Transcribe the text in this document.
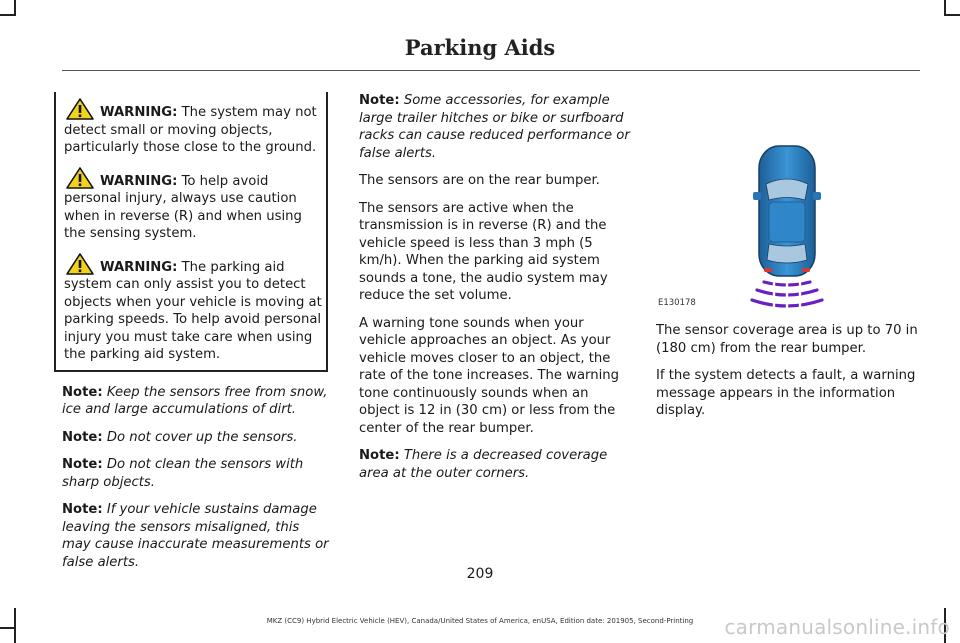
Parking Aids

WARNING: The system may not detect small or moving objects, particularly those close to the ground.

WARNING: To help avoid personal injury, always use caution when in reverse (R) and when using the sensing system.

WARNING: The parking aid system can only assist you to detect objects when your vehicle is moving at parking speeds. To help avoid personal injury you must take care when using the parking aid system.

Note: Keep the sensors free from snow, ice and large accumulations of dirt.

Note: Do not cover up the sensors.

Note: Do not clean the sensors with sharp objects.

Note: If your vehicle sustains damage leaving the sensors misaligned, this may cause inaccurate measurements or false alerts.

Note: Some accessories, for example large trailer hitches or bike or surfboard racks can cause reduced performance or false alerts.

The sensors are on the rear bumper.

The sensors are active when the transmission is in reverse (R) and the vehicle speed is less than 3 mph (5 km/h). When the parking aid system sounds a tone, the audio system may reduce the set volume.

A warning tone sounds when your vehicle approaches an object. As your vehicle moves closer to an object, the rate of the tone increases. The warning tone continuously sounds when an object is 12 in (30 cm) or less from the center of the rear bumper.

Note: There is a decreased coverage area at the outer corners.

E130178

The sensor coverage area is up to 70 in (180 cm) from the rear bumper.

If the system detects a fault, a warning message appears in the information display.

209
MKZ (CC9) Hybrid Electric Vehicle (HEV), Canada/United States of America, enUSA, Edition date: 201905, Second-Printing	carmanualsonline.info
